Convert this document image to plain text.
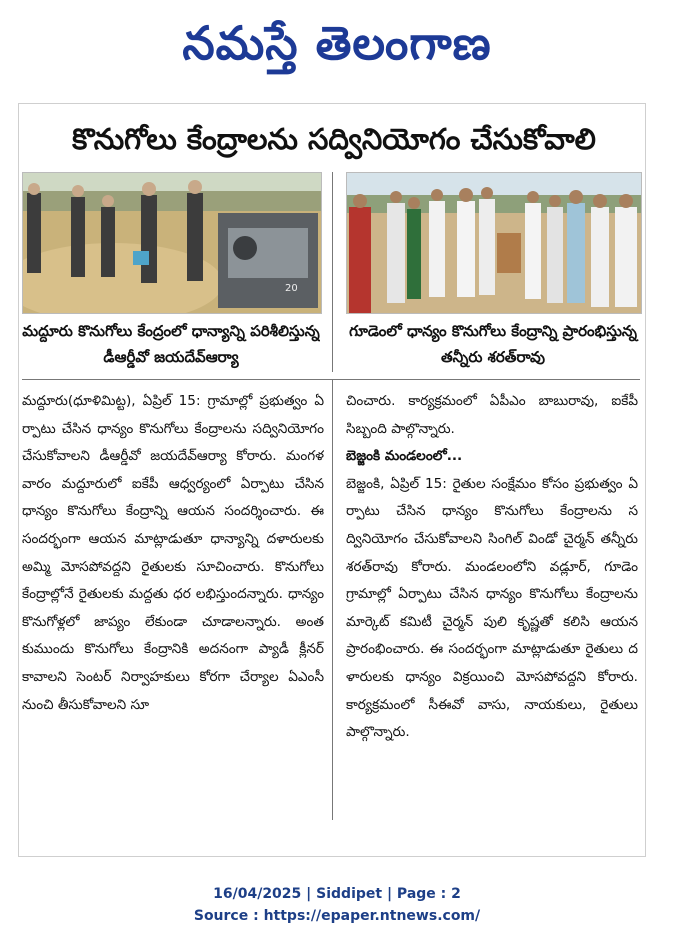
నమస్తే తెలంగాణ
కొనుగోలు కేంద్రాలను సద్వినియోగం చేసుకోవాలి
20
మద్దూరు కొనుగోలు కేంద్రంలో ధాన్యాన్ని పరిశీలిస్తున్న డీఆర్డీవో జయదేవ్ఆర్యా
గూడెంలో ధాన్యం కొనుగోలు కేంద్రాన్ని ప్రారంభిస్తున్న తన్నీరు శరత్‌రావు

మద్దూరు(ధూళిమిట్ట), ఏప్రిల్ 15: గ్రామాల్లో ప్రభుత్వం ఏర్పాటు చేసిన ధాన్యం కొనుగోలు కేంద్రాలను సద్వినియోగం చేసుకోవాలని డీఆర్డీవో జయదేవ్‌ఆర్యా కోరారు. మంగళవారం మద్దూరులో ఐకేపీ ఆధ్వర్యంలో ఏర్పాటు చేసిన ధాన్యం కొనుగోలు కేంద్రాన్ని ఆయన సందర్శించారు. ఈ సందర్భంగా ఆయన మాట్లాడుతూ ధాన్యాన్ని దళారులకు అమ్మి మోసపోవద్దని రైతులకు సూచించారు. కొనుగోలు కేంద్రాల్లోనే రైతులకు మద్దతు ధర లభిస్తుందన్నారు. ధాన్యం కొనుగోళ్లలో జాప్యం లేకుండా చూడాలన్నారు. అంతకుముందు కొనుగోలు కేంద్రానికి అదనంగా ప్యాడీ క్లీనర్ కావాలని సెంటర్ నిర్వాహకులు కోరగా చేర్యాల ఏఎంసీ నుంచి తీసుకోవాలని సూ

చించారు. కార్యక్రమంలో ఏపీఎం బాబురావు, ఐకేపీ సిబ్బంది పాల్గొన్నారు.

బెజ్జంకి మండలంలో...

బెజ్జంకి, ఏప్రిల్ 15: రైతుల సంక్షేమం కోసం ప్రభుత్వం ఏర్పాటు చేసిన ధాన్యం కొనుగోలు కేంద్రాలను సద్వినియోగం చేసుకోవాలని సింగిల్ విండో చైర్మన్ తన్నీరు శరత్‌రావు కోరారు. మండలంలోని వడ్లూర్, గూడెం గ్రామాల్లో ఏర్పాటు చేసిన ధాన్యం కొనుగోలు కేంద్రాలను మార్కెట్ కమిటీ చైర్మన్ పులి కృష్ణతో కలిసి ఆయన ప్రారంభించారు. ఈ సందర్భంగా మాట్లాడుతూ రైతులు దళారులకు ధాన్యం విక్రయించి మోసపోవద్దని కోరారు. కార్యక్రమంలో సీఈవో వాసు, నాయకులు, రైతులు పాల్గొన్నారు.

16/04/2025 | Siddipet | Page : 2
Source : https://epaper.ntnews.com/
